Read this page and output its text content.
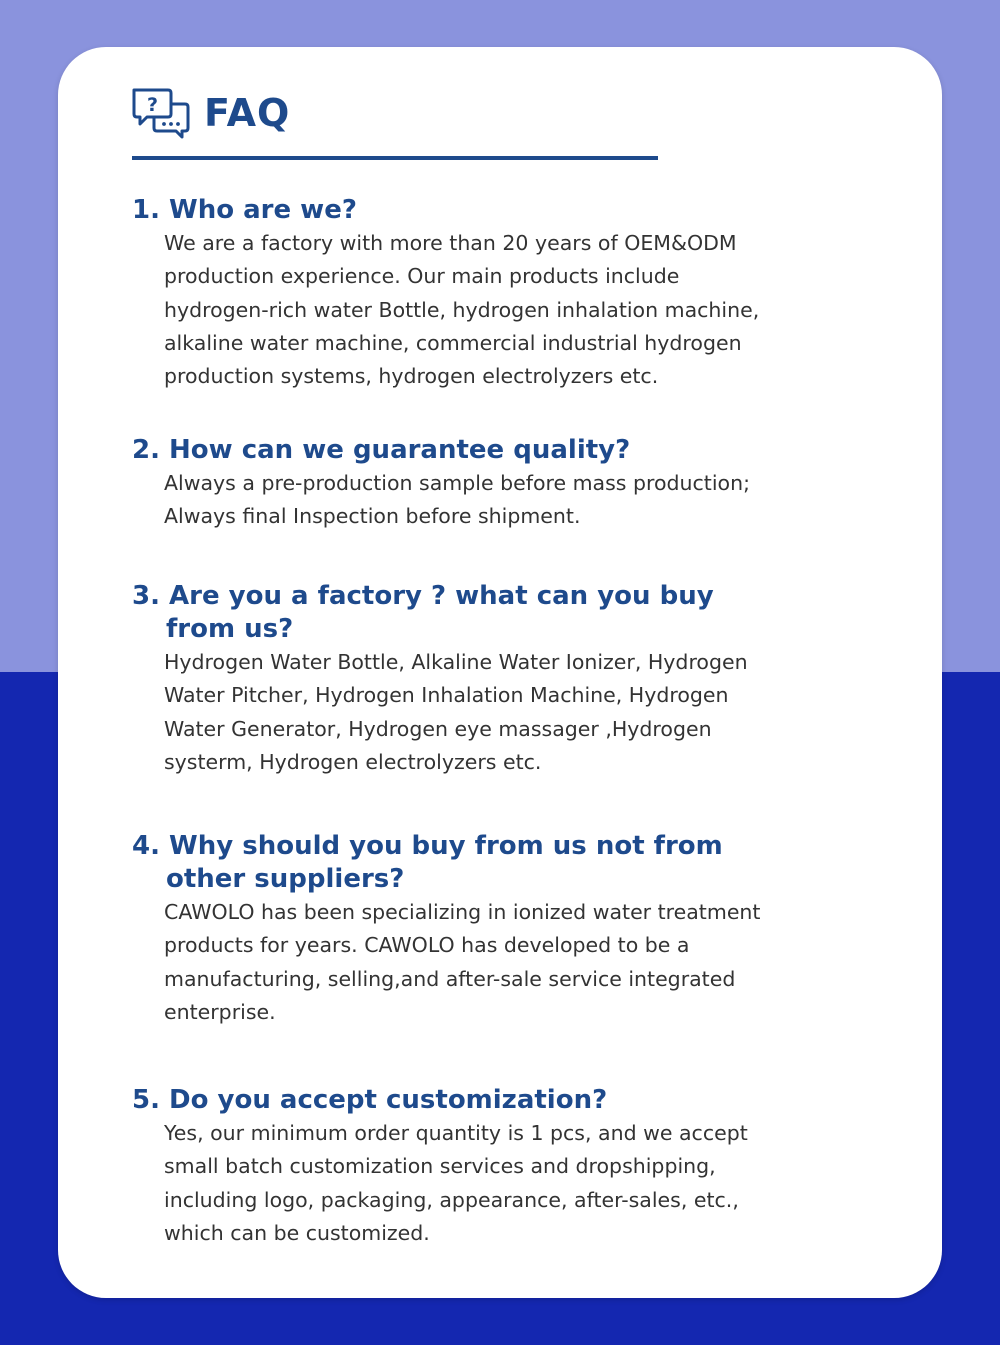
? FAQ

1. Who are we?

We are a factory with more than 20 years of OEM&ODM
production experience. Our main products include
hydrogen-rich water Bottle, hydrogen inhalation machine,
alkaline water machine, commercial industrial hydrogen
production systems, hydrogen electrolyzers etc.

2. How can we guarantee quality?

Always a pre-production sample before mass production;
Always final Inspection before shipment.

3. Are you a factory ? what can you buy
from us?

Hydrogen Water Bottle, Alkaline Water Ionizer, Hydrogen
Water Pitcher, Hydrogen Inhalation Machine, Hydrogen
Water Generator, Hydrogen eye massager ,Hydrogen
systerm, Hydrogen electrolyzers etc.

4. Why should you buy from us not from
other suppliers?

CAWOLO has been specializing in ionized water treatment
products for years. CAWOLO has developed to be a
manufacturing, selling,and after-sale service integrated
enterprise.

5. Do you accept customization?

Yes, our minimum order quantity is 1 pcs, and we accept
small batch customization services and dropshipping,
including logo, packaging, appearance, after-sales, etc.,
which can be customized.
